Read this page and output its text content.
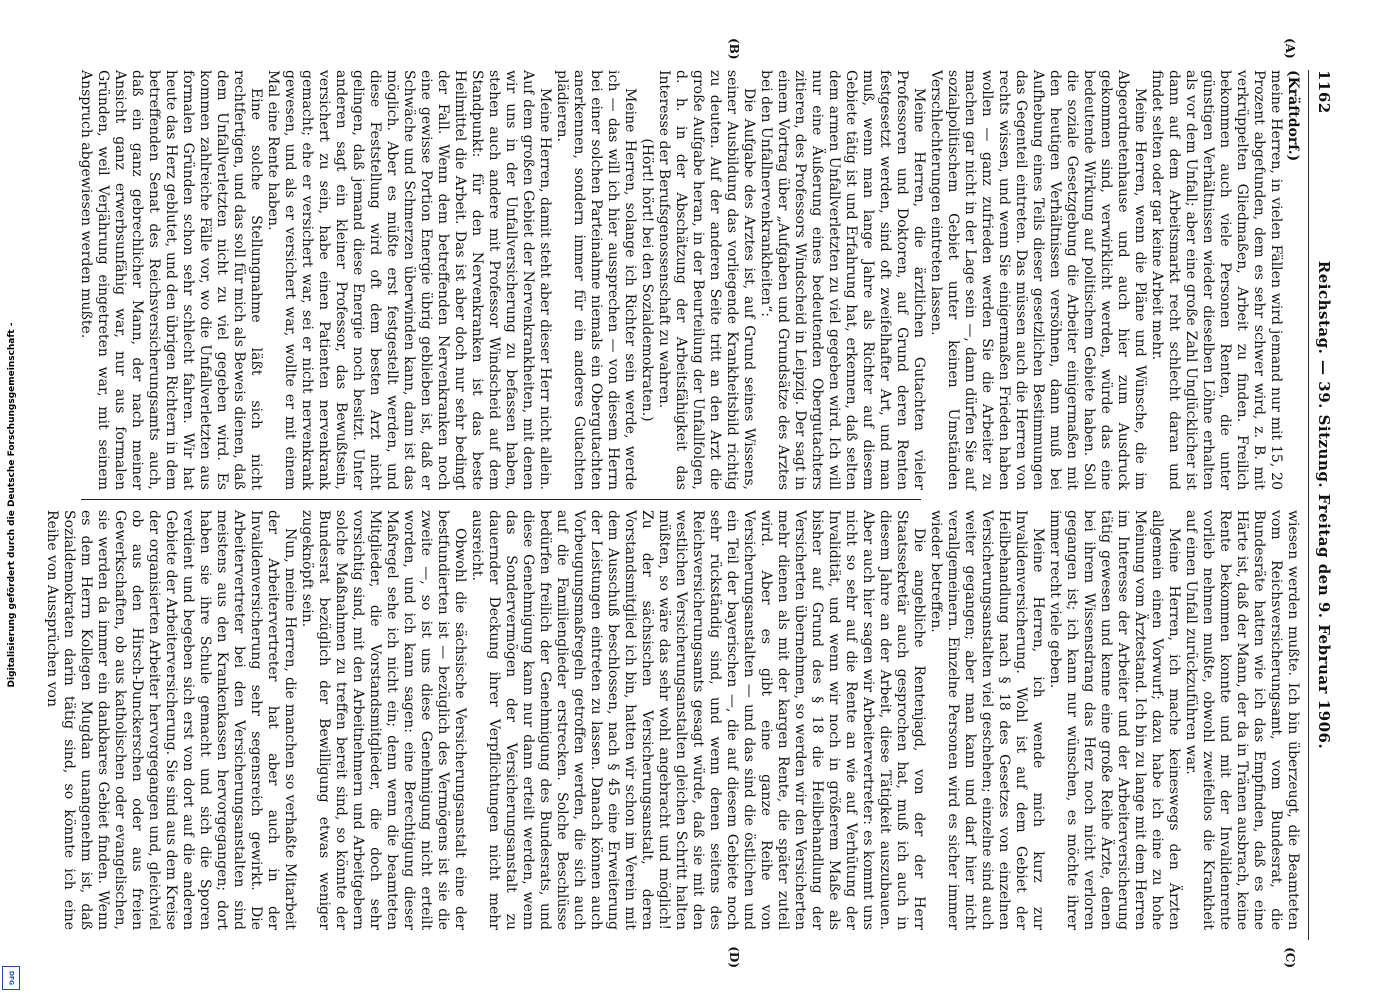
Digitalisierung gefördert durch die Deutsche Forschungsgemeinschaft -
DFG
1162
Reichstag. — 39. Sitzung. Freitag den 9. Februar 1906.
(A)
(B)
(C)
(D)

(Kräftdorf.)

meine Herren, in vielen Fällen wird jemand nur mit 15, 20 Prozent abgefunden, dem es sehr schwer wird, z. B. mit verkrüppelten Gliedmaßen, Arbeit zu finden. Freilich bekommen auch viele Personen Renten, die unter günstigen Verhältnissen wieder dieselben Löhne erhalten als vor dem Unfall; aber eine große Zahl Unglücklicher ist dann auf dem Arbeitsmarkt recht schlecht daran und findet selten oder gar keine Arbeit mehr.

Meine Herren, wenn die Pläne und Wünsche, die im Abgeordnetenhause und auch hier zum Ausdruck gekommen sind, verwirklicht werden, würde das eine bedeutende Wirkung auf politischem Gebiete haben. Soll die soziale Gesetzgebung die Arbeiter einigermaßen mit den heutigen Verhältnissen versöhnen, dann muß bei Aufhebung eines Teils dieser gesetzlichen Bestimmungen das Gegenteil eintreten. Das müssen auch die Herren von rechts wissen, und wenn Sie einigermaßen Frieden haben wollen — ganz zufrieden werden Sie die Arbeiter zu machen gar nicht in der Lage sein —, dann dürfen Sie auf sozialpolitischem Gebiet unter keinen Umständen Verschlechterungen eintreten lassen.

Meine Herren, die ärztlichen Gutachten vieler Professoren und Doktoren, auf Grund deren Renten festgesetzt werden, sind oft zweifelhafter Art, und man muß, wenn man lange Jahre als Richter auf diesem Gebiete tätig ist und Erfahrung hat, erkennen, daß selten dem armen Unfallverletzten zu viel gegeben wird. Ich will nur eine Äußerung eines bedeutenden Obergutachters zitieren, des Professors Windscheid in Leipzig. Der sagt in einem Vortrag über „Aufgaben und Grundsätze des Arztes bei den Unfallnervenkrankheiten“:

Die Aufgabe des Arztes ist, auf Grund seines Wissens, seiner Ausbildung das vorliegende Krankheitsbild richtig zu deuten. Auf der anderen Seite tritt an den Arzt die große Aufgabe heran, in der Beurteilung der Unfallfolgen, d. h. in der Abschätzung der Arbeitsfähigkeit das Interesse der Berufsgenossenschaft zu wahren.

(Hört! hört! bei den Sozialdemokraten.)

Meine Herren, solange ich Richter sein werde, werde ich — das will ich hier aussprechen — von diesem Herrn bei einer solchen Parteinahme niemals ein Obergutachten anerkennen, sondern immer für ein anderes Gutachten plädieren.

Meine Herren, damit steht aber dieser Herr nicht allein. Auf dem großen Gebiet der Nervenkrankheiten, mit denen wir uns in der Unfallversicherung zu befassen haben, stehen auch andere mit Professor Windscheid auf dem Standpunkt: für den Nervenkranken ist das beste Heilmittel die Arbeit. Das ist aber doch nur sehr bedingt der Fall. Wenn dem betreffenden Nervenkranken noch eine gewisse Portion Energie übrig geblieben ist, daß er Schwäche und Schmerzen überwinden kann, dann ist das möglich. Aber es müßte erst festgestellt werden, und diese Feststellung wird oft dem besten Arzt nicht gelingen, daß jemand diese Energie noch besitzt. Unter anderen sagt ein kleiner Professor, das Bewußtsein, versichert zu sein, habe einen Patienten nervenkrank gemacht; ehe er versichert war, sei er nicht nervenkrank gewesen, und als er versichert war, wollte er mit einem Mal eine Rente haben.

Eine solche Stellungnahme läßt sich nicht rechtfertigen, und das soll für mich als Beweis dienen, daß dem Unfallverletzten nicht zu viel gegeben wird. Es kommen zahlreiche Fälle vor, wo die Unfallverletzten aus formalen Gründen schon sehr schlecht fahren. Wir hat heute das Herz geblutet, und den übrigen Richtern in dem betreffenden Senat des Reichsversicherungsamts auch, daß ein ganz gebrechlicher Mann, der nach meiner Ansicht ganz erwerbsunfähig war, nur aus formalen Gründen, weil Verjährung eingetreten war, mit seinem Anspruch abgewiesen werden mußte.

wiesen werden mußte. Ich bin überzeugt, die Beamteten vom Reichsversicherungsamt, vom Bundesrat, die Bundesräte hatten wie ich das Empfinden, daß es eine Härte ist, daß der Mann, der da in Tränen ausbrach, keine Rente bekommen konnte und mit der Invalidenrente vorlieb nehmen mußte, obwohl zweifellos die Krankheit auf einen Unfall zurückzuführen war.

Meine Herren, ich mache keineswegs den Ärzten allgemein einen Vorwurf; dazu habe ich eine zu hohe Meinung vom Ärztestand. Ich bin zu lange mit dem Herren im Interesse der Arbeiter und der Arbeiterversicherung tätig gewesen und kenne eine große Reihe Ärzte, denen bei ihrem Wissensdrang das Herz noch nicht verloren gegangen ist; ich kann nur wünschen, es möchte ihrer immer recht viele geben.

Meine Herren, ich wende mich kurz zur Invalidenversicherung. Wohl ist auf dem Gebiet der Heilbehandlung nach § 18 des Gesetzes von einzelnen Versicherungsanstalten viel geschehen; einzelne sind auch weiter gegangen; aber man kann und darf hier nicht verallgemeinern. Einzelne Personen wird es sicher immer wieder betreffen.

Die angebliche Rentenjagd, von der der Herr Staatssekretär auch gesprochen hat, muß ich auch in diesem Jahre an der Arbeit, diese Tätigkeit auszubauen. Aber auch hier sagen wir Arbeitervertreter: es kommt uns nicht so sehr auf die Rente an wie auf Verhütung der Invalidität, und wenn wir noch in größerem Maße als bisher auf Grund des § 18 die Heilbehandlung der Versicherten übernehmen, so werden wir den Versicherten mehr dienen als mit der kargen Rente, die später zuteil wird. Aber es gibt eine ganze Reihe von Versicherungsanstalten — und das sind die östlichen und ein Teil der bayerischen —, die auf diesem Gebiete noch sehr rückständig sind, und wenn denen seitens des Reichsversicherungsamts gesagt würde, daß sie mit den westlichen Versicherungsanstalten gleichen Schritt halten müßten, so wäre das sehr wohl angebracht und möglich! Zu der sächsischen Versicherungsanstalt, deren Vorstandsmitglied ich bin, hatten wir schon im Verein mit dem Ausschuß beschlossen, nach § 45 eine Erweiterung der Leistungen eintreten zu lassen. Danach können auch Vorbeugungsmaßregeln getroffen werden, die sich auch auf die Familienglieder erstrecken. Solche Beschlüsse bedürfen freilich der Genehmigung des Bundesrats, und diese Genehmigung kann nur dann erteilt werden, wenn das Sondervermögen der Versicherungsanstalt zu dauernder Deckung ihrer Verpflichtungen nicht mehr ausreicht.

Obwohl die sächsische Versicherungsanstalt eine der bestfundierten ist — bezüglich des Vermögens ist sie die zweite —, so ist uns diese Genehmigung nicht erteilt worden, und ich kann sagen: eine Berechtigung dieser Maßregel sehe ich nicht ein; denn wenn die beamteten Mitglieder, die Vorstandsmitglieder, die doch sehr vorsichtig sind, mit den Arbeitnehmern und Arbeitgebern solche Maßnahmen zu treffen bereit sind, so könnte der Bundesrat bezüglich der Bewilligung etwas weniger zugeknöpft sein.

Nun, meine Herren, die manchen so verhaßte Mitarbeit der Arbeitervertreter hat aber auch in der Invalidenversicherung sehr segensreich gewirkt. Die Arbeitervertreter bei den Versicherungsanstalten sind meistens aus den Krankenkassen hervorgegangen; dort haben sie ihre Schule gemacht und sich die Sporen verdient und begeben sich erst von dort auf die anderen Gebiete der Arbeiterversicherung. Sie sind aus dem Kreise der organisierten Arbeiter hervorgegangen und, gleichviel ob aus den Hirsch-Dunckerschen oder aus freien Gewerkschaften, ob aus katholischen oder evangelischen, sie werden da immer ein dankbares Gebiet finden. Wenn es dem Herrn Kollegen Mugdan unangenehm ist, daß Sozialdemokraten darin tätig sind, so könnte ich eine Reihe von Aussprüchen von
